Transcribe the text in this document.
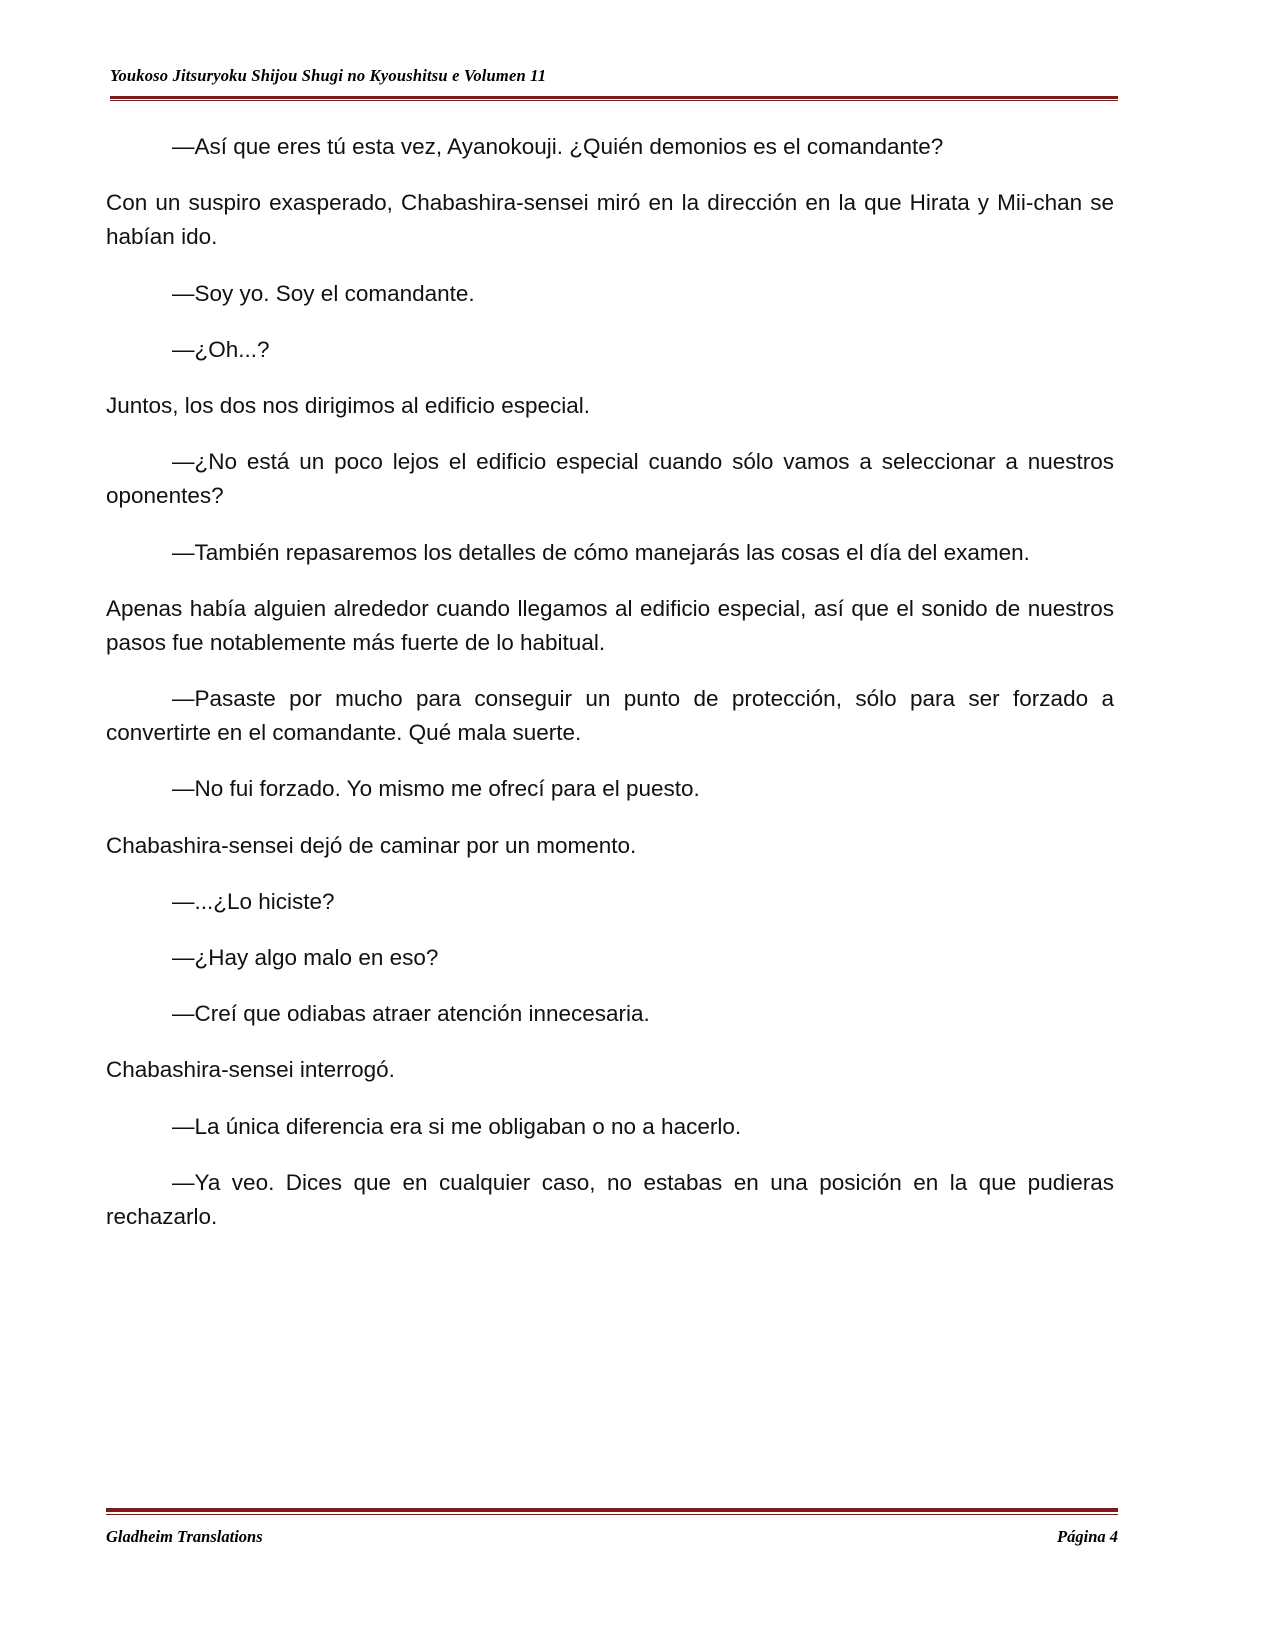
Youkoso Jitsuryoku Shijou Shugi no Kyoushitsu e Volumen 11

—Así que eres tú esta vez, Ayanokouji. ¿Quién demonios es el comandante?

Con un suspiro exasperado, Chabashira-sensei miró en la dirección en la que Hirata y Mii-chan se habían ido.

—Soy yo. Soy el comandante.

—¿Oh...?

Juntos, los dos nos dirigimos al edificio especial.

—¿No está un poco lejos el edificio especial cuando sólo vamos a seleccionar a nuestros oponentes?

—También repasaremos los detalles de cómo manejarás las cosas el día del examen.

Apenas había alguien alrededor cuando llegamos al edificio especial, así que el sonido de nuestros pasos fue notablemente más fuerte de lo habitual.

—Pasaste por mucho para conseguir un punto de protección, sólo para ser forzado a convertirte en el comandante. Qué mala suerte.

—No fui forzado. Yo mismo me ofrecí para el puesto.

Chabashira-sensei dejó de caminar por un momento.

—...¿Lo hiciste?

—¿Hay algo malo en eso?

—Creí que odiabas atraer atención innecesaria.

Chabashira-sensei interrogó.

—La única diferencia era si me obligaban o no a hacerlo.

—Ya veo. Dices que en cualquier caso, no estabas en una posición en la que pudieras rechazarlo.

Gladheim Translations	Página 4
